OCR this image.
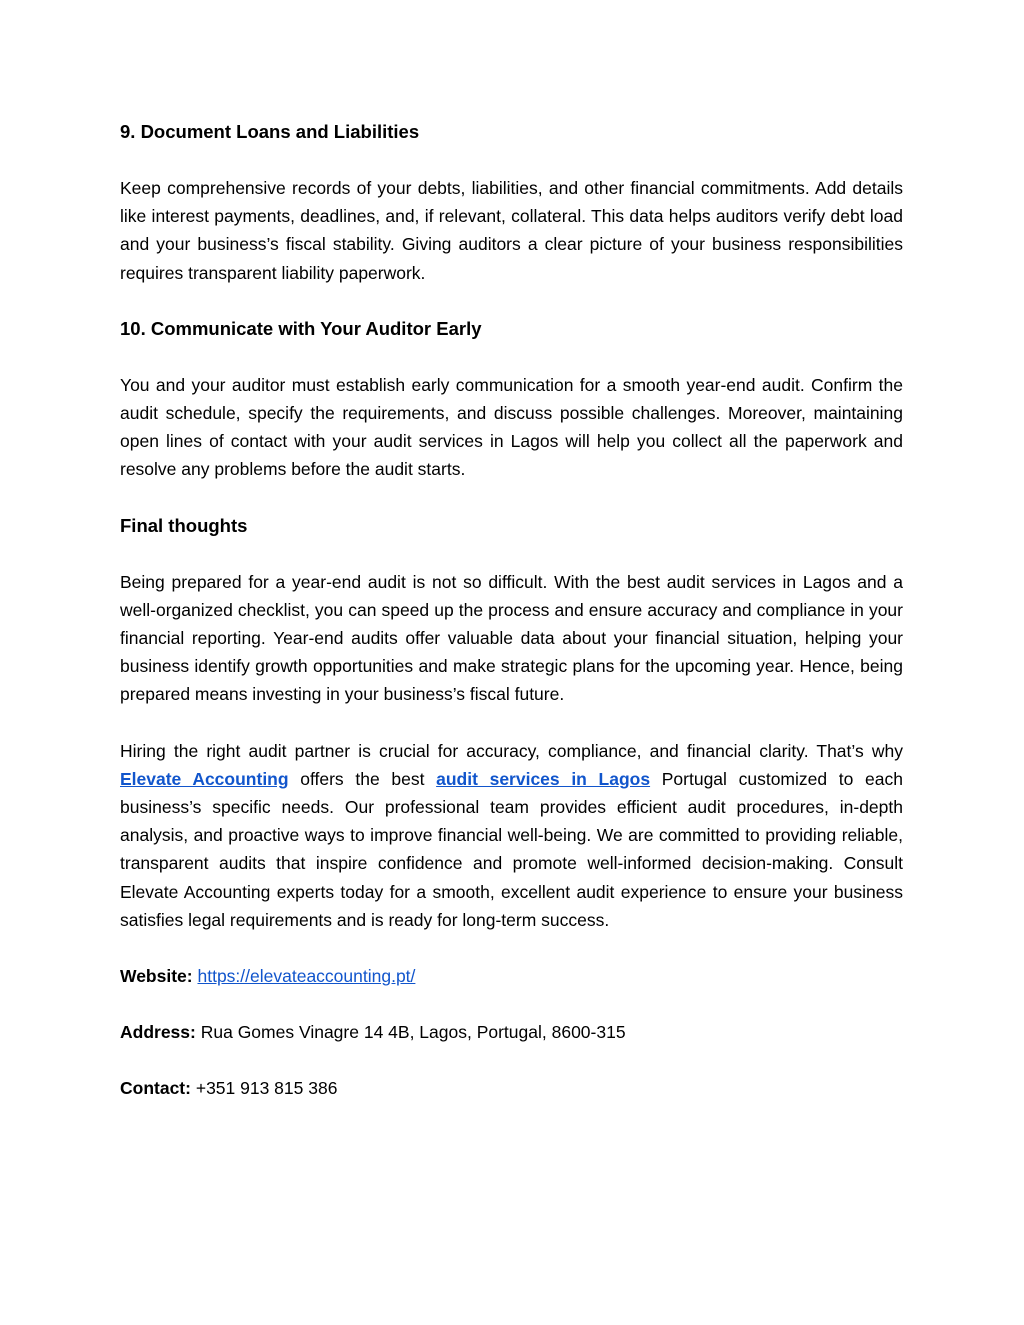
9. Document Loans and Liabilities

Keep comprehensive records of your debts, liabilities, and other financial commitments. Add details like interest payments, deadlines, and, if relevant, collateral. This data helps auditors verify debt load and your business’s fiscal stability. Giving auditors a clear picture of your business responsibilities requires transparent liability paperwork.

10. Communicate with Your Auditor Early

You and your auditor must establish early communication for a smooth year-end audit. Confirm the audit schedule, specify the requirements, and discuss possible challenges. Moreover, maintaining open lines of contact with your audit services in Lagos will help you collect all the paperwork and resolve any problems before the audit starts.

Final thoughts

Being prepared for a year-end audit is not so difficult. With the best audit services in Lagos and a well-organized checklist, you can speed up the process and ensure accuracy and compliance in your financial reporting. Year-end audits offer valuable data about your financial situation, helping your business identify growth opportunities and make strategic plans for the upcoming year. Hence, being prepared means investing in your business’s fiscal future.

Hiring the right audit partner is crucial for accuracy, compliance, and financial clarity. That’s why Elevate Accounting offers the best audit services in Lagos Portugal customized to each business’s specific needs. Our professional team provides efficient audit procedures, in-depth analysis, and proactive ways to improve financial well-being. We are committed to providing reliable, transparent audits that inspire confidence and promote well-informed decision-making. Consult Elevate Accounting experts today for a smooth, excellent audit experience to ensure your business satisfies legal requirements and is ready for long-term success.

Website: https://elevateaccounting.pt/
Address: Rua Gomes Vinagre 14 4B, Lagos, Portugal, 8600-315
Contact: +351 913 815 386
